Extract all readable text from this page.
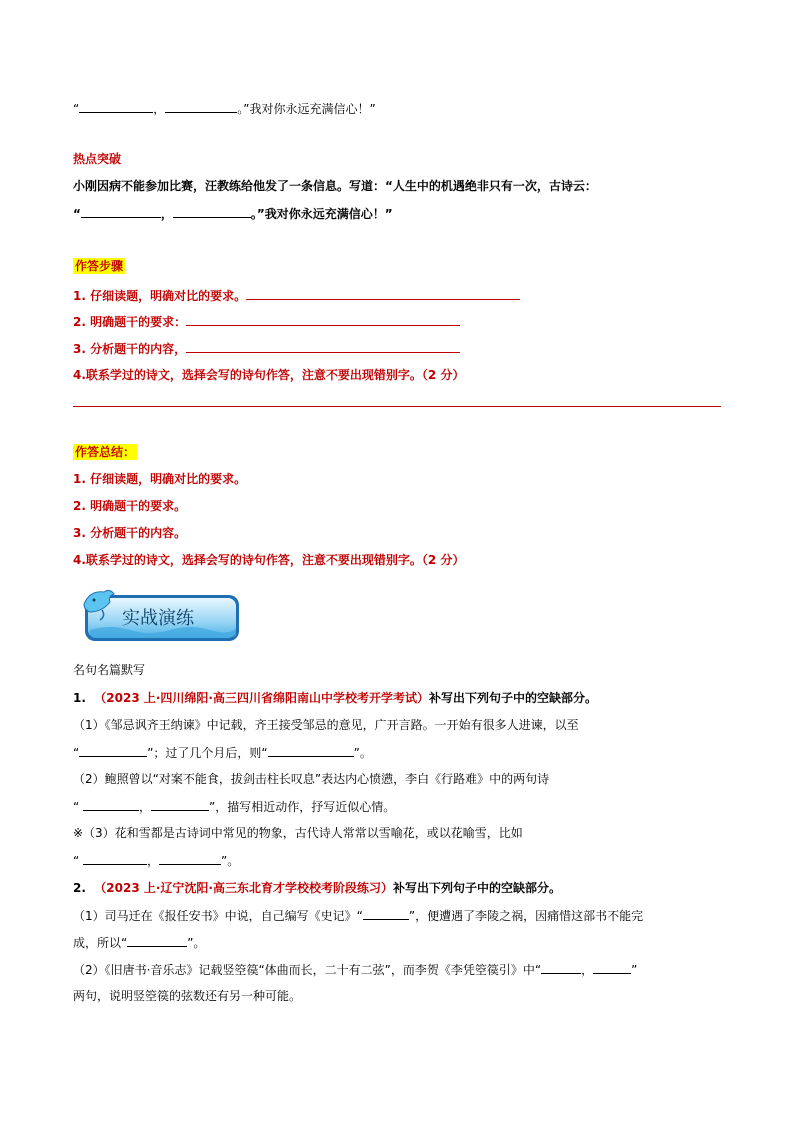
“	，	。”我对你永远充满信心！”
热点突破
小刚因病不能参加比赛，汪教练给他发了一条信息。写道：“人生中的机遇绝非只有一次，古诗云：
“	，	。”我对你永远充满信心！”
作答步骤
1. 仔细读题，明确对比的要求。
2. 明确题干的要求：
3. 分析题干的内容，
4.联系学过的诗文，选择会写的诗句作答，注意不要出现错别字。（2 分）
作答总结：
1. 仔细读题，明确对比的要求。
2. 明确题干的要求。
3. 分析题干的内容。
4.联系学过的诗文，选择会写的诗句作答，注意不要出现错别字。（2 分）
实战演练
名句名篇默写
1. （2023 上·四川绵阳·高三四川省绵阳南山中学校考开学考试）补写出下列句子中的空缺部分。
（1）《邹忌讽齐王纳谏》中记载，齐王接受邹忌的意见，广开言路。一开始有很多人进谏，以至
“	”；过了几个月后，则“	”。
（2）鲍照曾以“对案不能食，拔剑击柱长叹息”表达内心愤懑，李白《行路难》中的两句诗
“	，	”，描写相近动作，抒写近似心情。
※（3）花和雪都是古诗词中常见的物象，古代诗人常常以雪喻花，或以花喻雪，比如
“	，	”。
2. （2023 上·辽宁沈阳·高三东北育才学校校考阶段练习）补写出下列句子中的空缺部分。
（1）司马迁在《报任安书》中说，自己编写《史记》“	”，便遭遇了李陵之祸，因痛惜这部书不能完
成，所以“	”。
（2）《旧唐书·音乐志》记载竖箜篌“体曲而长，二十有二弦”，而李贺《李凭箜篌引》中“	，	”
两句，说明竖箜篌的弦数还有另一种可能。
